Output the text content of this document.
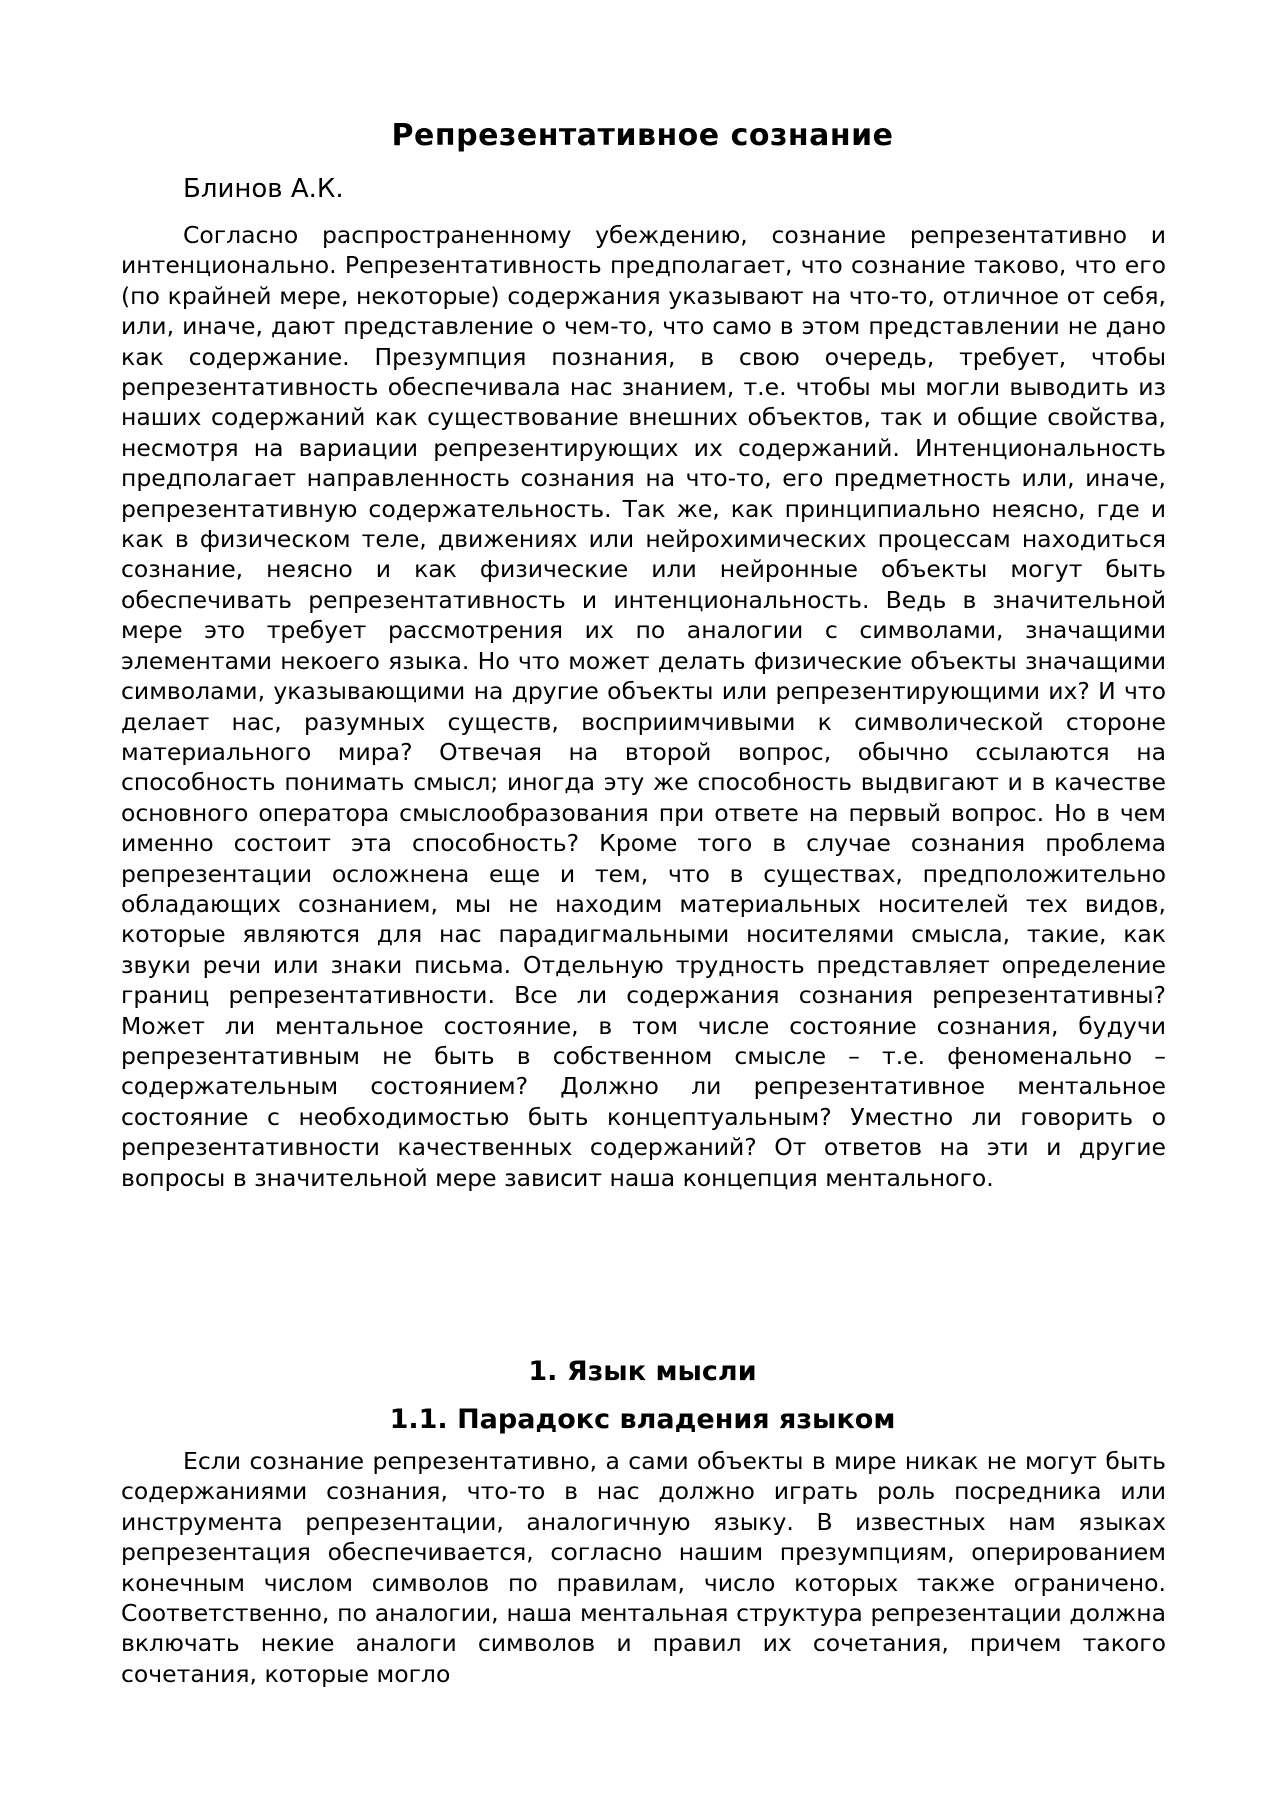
Репрезентативное сознание
Блинов А.К.

Согласно распространенному убеждению, сознание репрезентативно и интенционально. Репрезентативность предполагает, что сознание таково, что его (по крайней мере, некоторые) содержания указывают на что-то, отличное от себя, или, иначе, дают представление о чем-то, что само в этом представлении не дано как содержание. Презумпция познания, в свою очередь, требует, чтобы репрезентативность обеспечивала нас знанием, т.е. чтобы мы могли выводить из наших содержаний как существование внешних объектов, так и общие свойства, несмотря на вариации репрезентирующих их содержаний. Интенциональность предполагает направленность сознания на что-то, его предметность или, иначе, репрезентативную содержательность. Так же, как принципиально неясно, где и как в физическом теле, движениях или нейрохимических процессам находиться сознание, неясно и как физические или нейронные объекты могут быть обеспечивать репрезентативность и интенциональность. Ведь в значительной мере это требует рассмотрения их по аналогии с символами, значащими элементами некоего языка. Но что может делать физические объекты значащими символами, указывающими на другие объекты или репрезентирующими их? И что делает нас, разумных существ, восприимчивыми к символической стороне материального мира? Отвечая на второй вопрос, обычно ссылаются на способность понимать смысл; иногда эту же способность выдвигают и в качестве основного оператора смыслообразования при ответе на первый вопрос. Но в чем именно состоит эта способность? Кроме того в случае сознания проблема репрезентации осложнена еще и тем, что в существах, предположительно обладающих сознанием, мы не находим материальных носителей тех видов, которые являются для нас парадигмальными носителями смысла, такие, как звуки речи или знаки письма. Отдельную трудность представляет определение границ репрезентативности. Все ли содержания сознания репрезентативны? Может ли ментальное состояние, в том числе состояние сознания, будучи репрезентативным не быть в собственном смысле – т.е. феноменально – содержательным состоянием? Должно ли репрезентативное ментальное состояние с необходимостью быть концептуальным? Уместно ли говорить о репрезентативности качественных содержаний? От ответов на эти и другие вопросы в значительной мере зависит наша концепция ментального.

1. Язык мысли
1.1. Парадокс владения языком

Если сознание репрезентативно, а сами объекты в мире никак не могут быть содержаниями сознания, что-то в нас должно играть роль посредника или инструмента репрезентации, аналогичную языку. В известных нам языках репрезентация обеспечивается, согласно нашим презумпциям, оперированием конечным числом символов по правилам, число которых также ограничено. Соответственно, по аналогии, наша ментальная структура репрезентации должна включать некие аналоги символов и правил их сочетания, причем такого сочетания, которые могло
